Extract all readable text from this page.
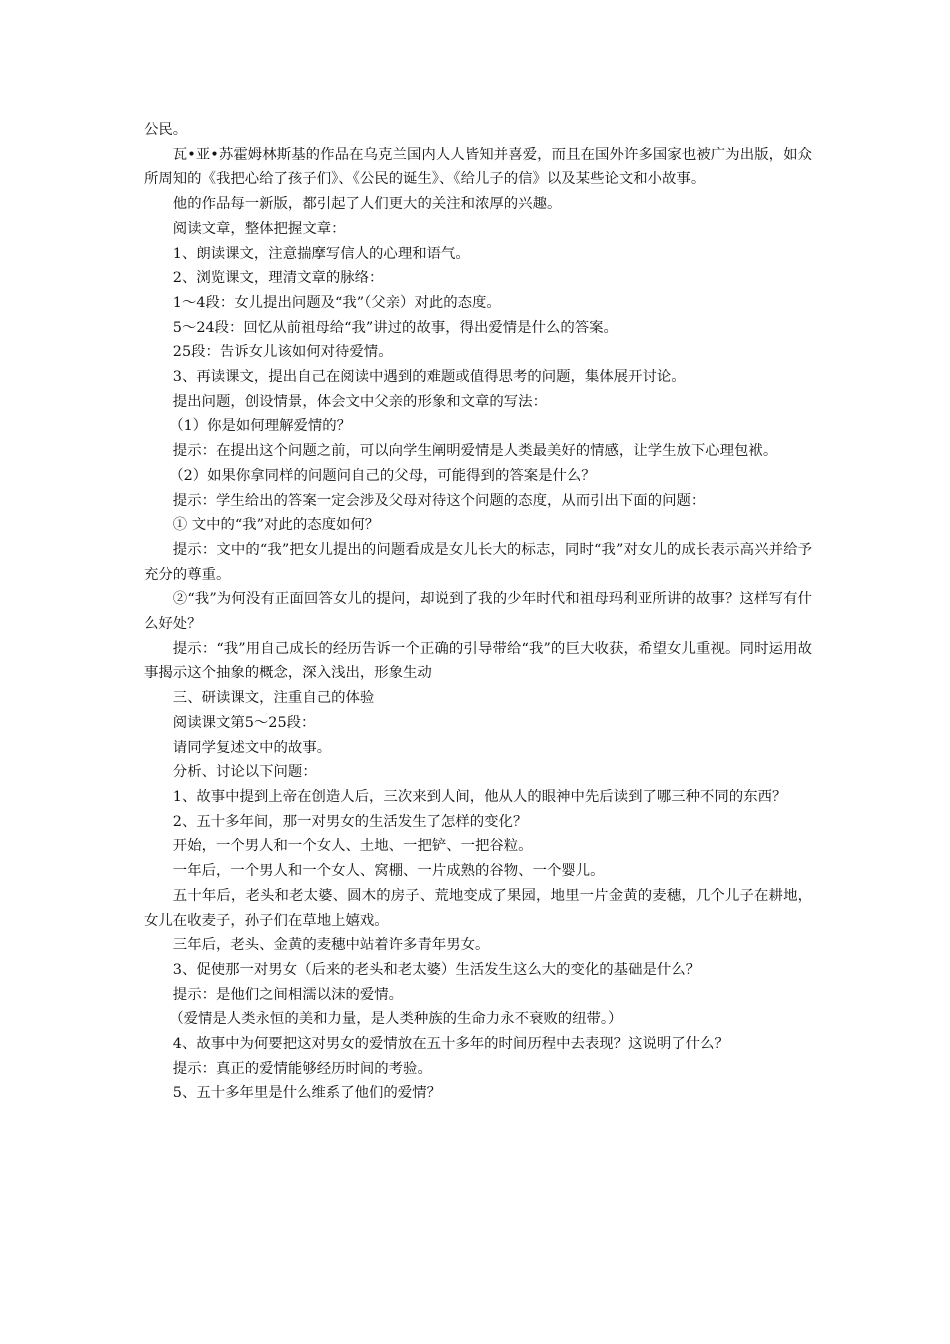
公民。

瓦•亚•苏霍姆林斯基的作品在乌克兰国内人人皆知并喜爱，而且在国外许多国家也被广为出版，如众所周知的《我把心给了孩子们》、《公民的诞生》、《给儿子的信》以及某些论文和小故事。

他的作品每一新版，都引起了人们更大的关注和浓厚的兴趣。

阅读文章，整体把握文章：

1、朗读课文，注意揣摩写信人的心理和语气。

2、浏览课文，理清文章的脉络：

1～4段：女儿提出问题及“我”（父亲）对此的态度。

5～24段：回忆从前祖母给“我”讲过的故事，得出爱情是什么的答案。

25段：告诉女儿该如何对待爱情。

3、再读课文，提出自己在阅读中遇到的难题或值得思考的问题，集体展开讨论。

提出问题，创设情景，体会文中父亲的形象和文章的写法：

（1）你是如何理解爱情的？

提示：在提出这个问题之前，可以向学生阐明爱情是人类最美好的情感，让学生放下心理包袱。

（2）如果你拿同样的问题问自己的父母，可能得到的答案是什么？

提示：学生给出的答案一定会涉及父母对待这个问题的态度，从而引出下面的问题：

① 文中的“我”对此的态度如何？

提示：文中的“我”把女儿提出的问题看成是女儿长大的标志，同时“我”对女儿的成长表示高兴并给予充分的尊重。

②“我”为何没有正面回答女儿的提问，却说到了我的少年时代和祖母玛利亚所讲的故事？这样写有什么好处？

提示：“我”用自己成长的经历告诉一个正确的引导带给“我”的巨大收获，希望女儿重视。同时运用故事揭示这个抽象的概念，深入浅出，形象生动

三、研读课文，注重自己的体验

阅读课文第5～25段：

请同学复述文中的故事。

分析、讨论以下问题：

1、故事中提到上帝在创造人后，三次来到人间，他从人的眼神中先后读到了哪三种不同的东西？

2、五十多年间，那一对男女的生活发生了怎样的变化？

开始，一个男人和一个女人、土地、一把铲、一把谷粒。

一年后，一个男人和一个女人、窝棚、一片成熟的谷物、一个婴儿。

五十年后，老头和老太婆、圆木的房子、荒地变成了果园，地里一片金黄的麦穗，几个儿子在耕地，女儿在收麦子，孙子们在草地上嬉戏。

三年后，老头、金黄的麦穗中站着许多青年男女。

3、促使那一对男女（后来的老头和老太婆）生活发生这么大的变化的基础是什么？

提示：是他们之间相濡以沫的爱情。

（爱情是人类永恒的美和力量，是人类种族的生命力永不衰败的纽带。）

4、故事中为何要把这对男女的爱情放在五十多年的时间历程中去表现？这说明了什么？

提示：真正的爱情能够经历时间的考验。

5、五十多年里是什么维系了他们的爱情？
